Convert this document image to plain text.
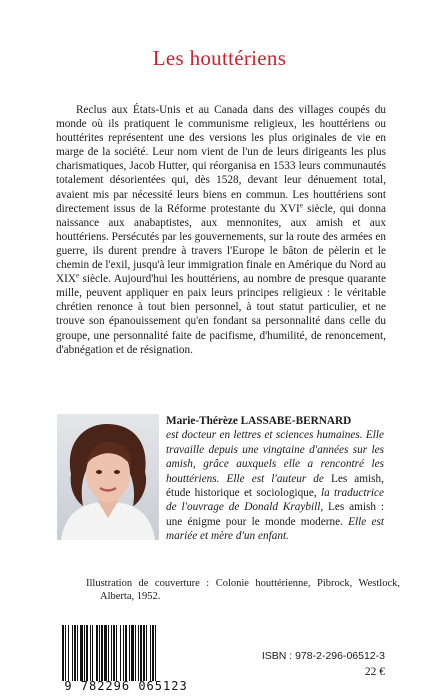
Les houttériens
Reclus aux États-Unis et au Canada dans des villages coupés du monde où ils pratiquent le communisme religieux, les houttériens ou houttérites représentent une des versions les plus originales de vie en marge de la société. Leur nom vient de l'un de leurs dirigeants les plus charismatiques, Jacob Hutter, qui réorganisa en 1533 leurs communautés totalement désorientées qui, dès 1528, devant leur dénuement total, avaient mis par nécessité leurs biens en commun. Les houttériens sont directement issus de la Réforme protestante du XVIe siècle, qui donna naissance aux anabaptistes, aux mennonites, aux amish et aux houttériens. Persécutés par les gouvernements, sur la route des armées en guerre, ils durent prendre à travers l'Europe le bâton de pèlerin et le chemin de l'exil, jusqu'à leur immigration finale en Amérique du Nord au XIXe siècle. Aujourd'hui les houttériens, au nombre de presque quarante mille, peuvent appliquer en paix leurs principes religieux : le véritable chrétien renonce à tout bien personnel, à tout statut particulier, et ne trouve son épanouissement qu'en fondant sa personnalité dans celle du groupe, une personnalité faite de pacifisme, d'humilité, de renoncement, d'abnégation et de résignation.
Marie-Thérèze LASSABE-BERNARD
est docteur en lettres et sciences humaines. Elle travaille depuis une vingtaine d'années sur les amish, grâce auxquels elle a rencontré les houttériens. Elle est l'auteur de Les amish, étude historique et sociologique, la traductrice de l'ouvrage de Donald Kraybill, Les amish : une énigme pour le monde moderne. Elle est mariée et mère d'un enfant.
Illustration de couverture : Colonie houttérienne, Pibrock, Westlock, Alberta, 1952.
9 782296 065123
ISBN : 978-2-296-06512-3
22 €
